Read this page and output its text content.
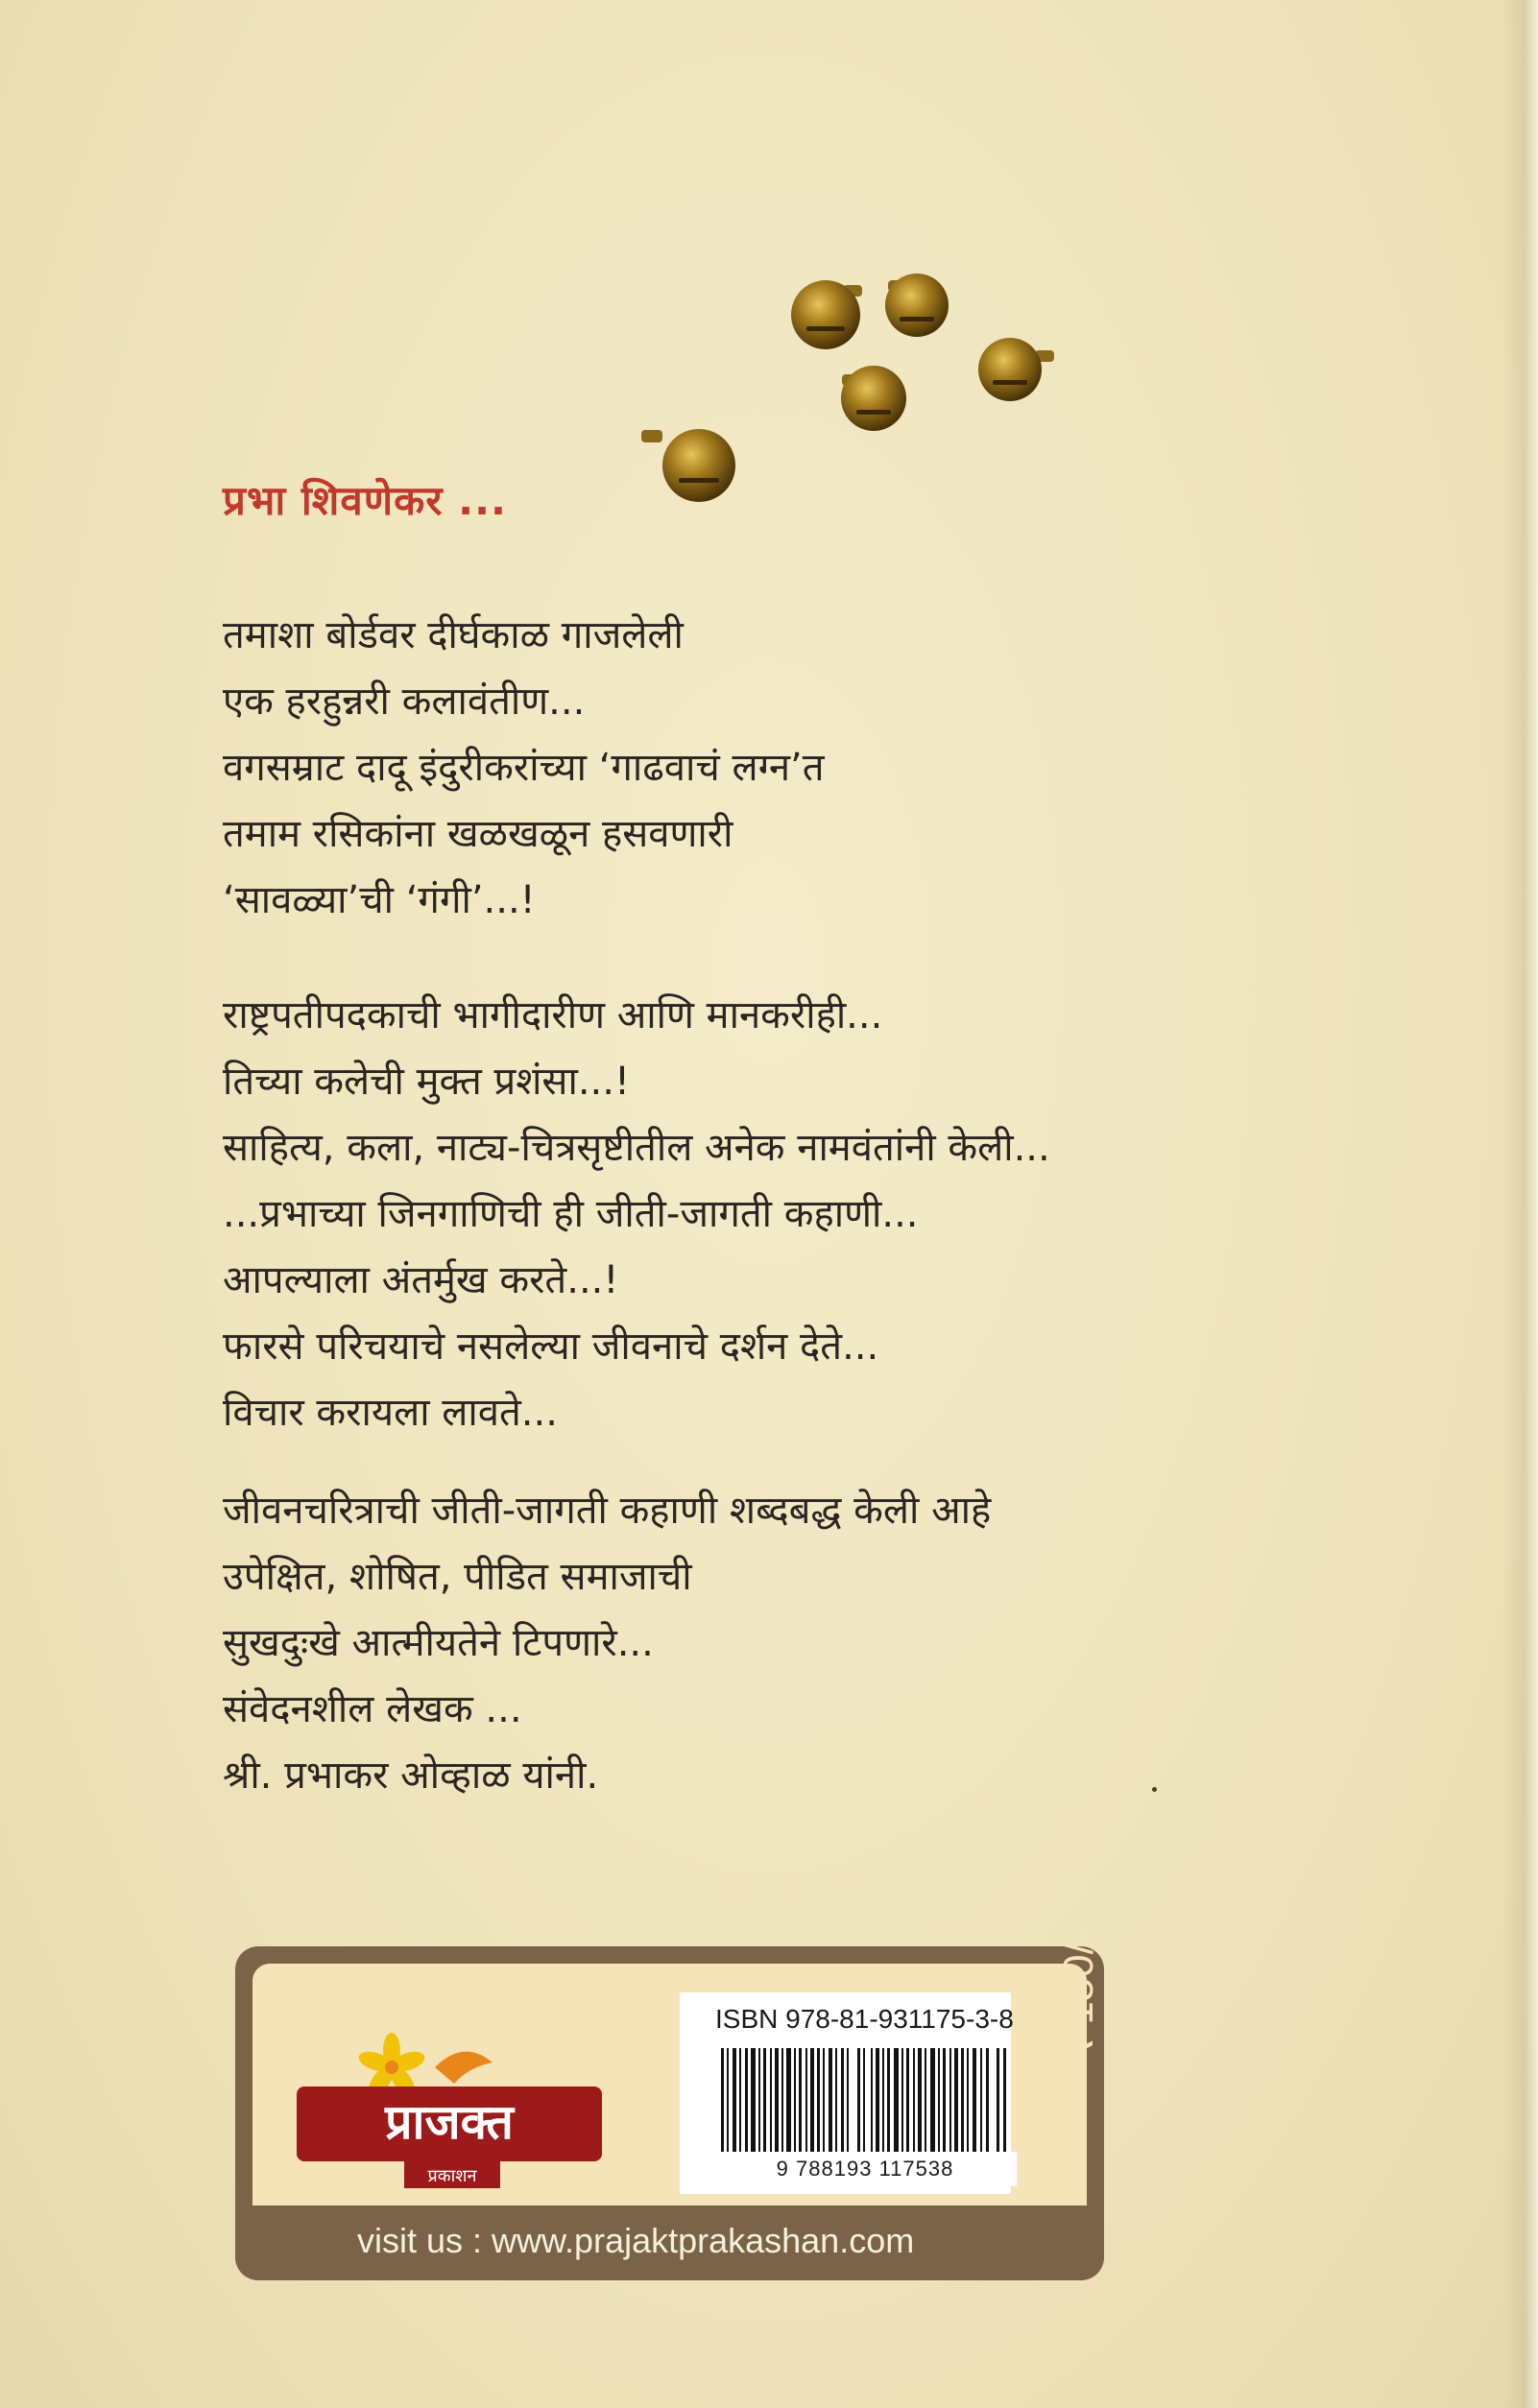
प्रभा शिवणेकर ...
तमाशा बोर्डवर दीर्घकाळ गाजलेली
एक हरहुन्नरी कलावंतीण...
वगसम्राट दादू इंदुरीकरांच्या ‘गाढवाचं लग्न’त
तमाम रसिकांना खळखळून हसवणारी
‘सावळ्या’ची ‘गंगी’...!
राष्ट्रपतीपदकाची भागीदारीण आणि मानकरीही...
तिच्या कलेची मुक्त प्रशंसा...!
साहित्य, कला, नाट्य-चित्रसृष्टीतील अनेक नामवंतांनी केली...
...प्रभाच्या जिनगाणिची ही जीती-जागती कहाणी...
आपल्याला अंतर्मुख करते...!
फारसे परिचयाचे नसलेल्या जीवनाचे दर्शन देते...
विचार करायला लावते...
जीवनचरित्राची जीती-जागती कहाणी शब्दबद्ध केली आहे
उपेक्षित, शोषित, पीडित समाजाची
सुखदुःखे आत्मीयतेने टिपणारे...
संवेदनशील लेखक ...
श्री. प्रभाकर ओव्हाळ यांनी.
प्राजक्त
प्रकाशन
ISBN 978-81-931175-3-8
9 788193 117538
₹ 150/-
visit us : www.prajaktprakashan.com
